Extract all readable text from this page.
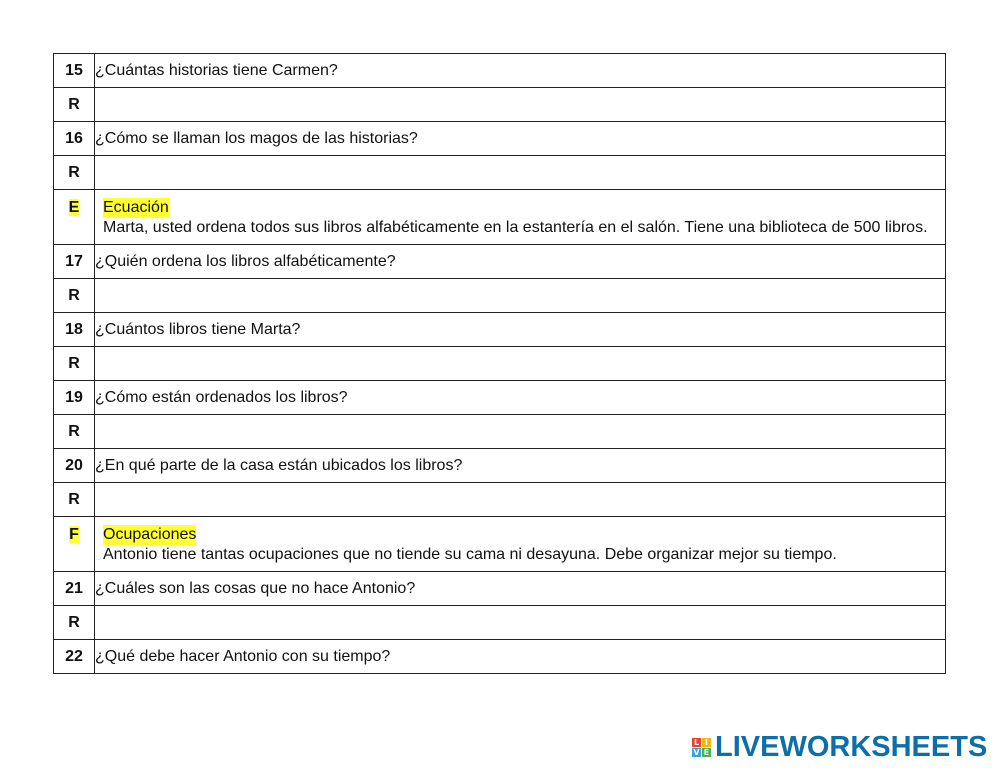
15	¿Cuántas historias tiene Carmen?
R	
16	¿Cómo se llaman los magos de las historias?
R	
E	Ecuación
Marta, usted ordena todos sus libros alfabéticamente en la estantería en el salón. Tiene una biblioteca de 500 libros.

17	¿Quién ordena los libros alfabéticamente?
R	
18	¿Cuántos libros tiene Marta?
R	
19	¿Cómo están ordenados los libros?
R	
20	¿En qué parte de la casa están ubicados los libros?
R	
F	Ocupaciones
Antonio tiene tantas ocupaciones que no tiende su cama ni desayuna. Debe organizar mejor su tiempo.

21	¿Cuáles son las cosas que no hace Antonio?
R	
22	¿Qué debe hacer Antonio con su tiempo?
L I
V E LIVEWORKSHEETS
